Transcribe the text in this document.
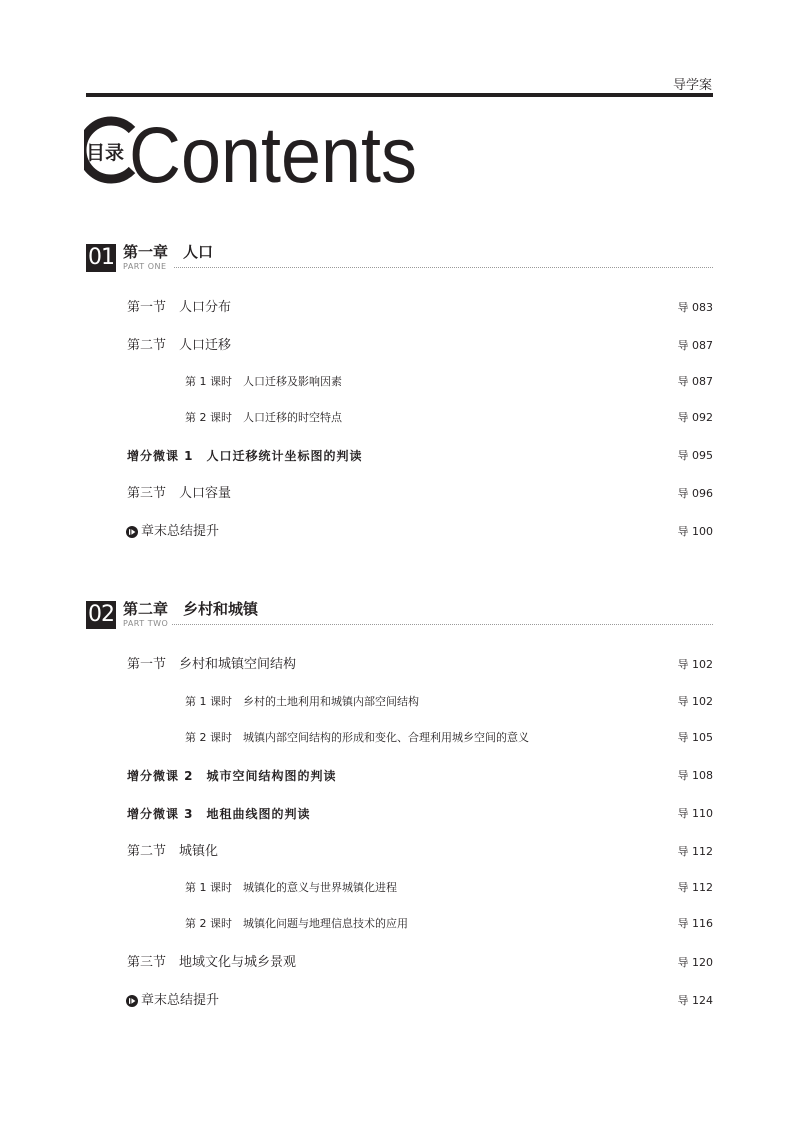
导学案
目录 Contents
01 第一章　人口
PART ONE
第一节　人口分布	导 083
第二节　人口迁移	导 087
第 1 课时　人口迁移及影响因素	导 087
第 2 课时　人口迁移的时空特点	导 092
增分微课 1　人口迁移统计坐标图的判读	导 095
第三节　人口容量	导 096
章末总结提升	导 100
02 第二章　乡村和城镇
PART TWO
第一节　乡村和城镇空间结构	导 102
第 1 课时　乡村的土地利用和城镇内部空间结构	导 102
第 2 课时　城镇内部空间结构的形成和变化、合理利用城乡空间的意义	导 105
增分微课 2　城市空间结构图的判读	导 108
增分微课 3　地租曲线图的判读	导 110
第二节　城镇化	导 112
第 1 课时　城镇化的意义与世界城镇化进程	导 112
第 2 课时　城镇化问题与地理信息技术的应用	导 116
第三节　地域文化与城乡景观	导 120
章末总结提升	导 124
